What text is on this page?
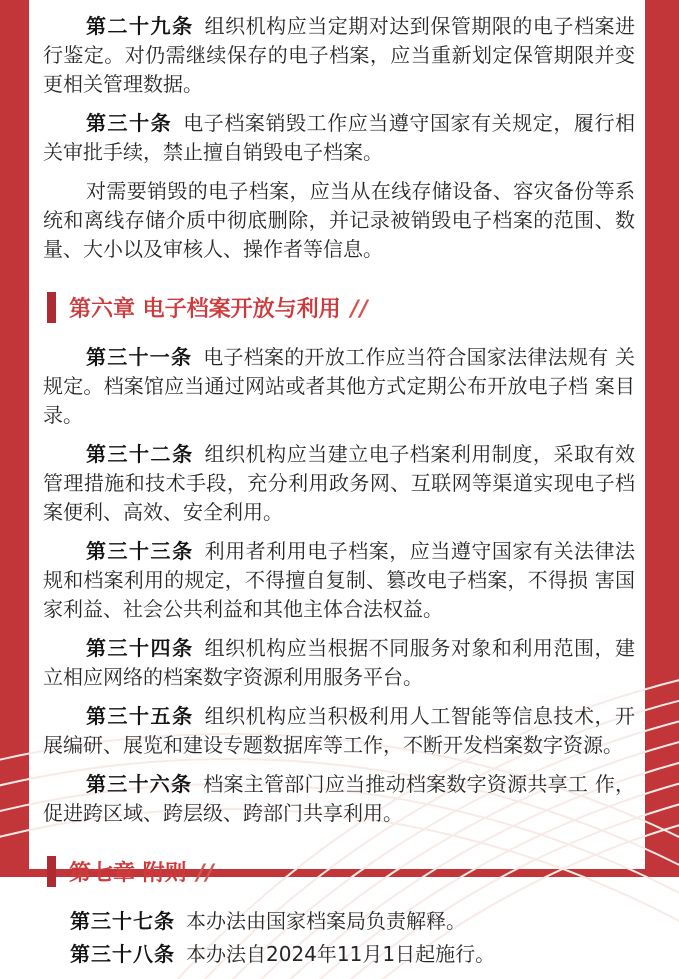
第二十九条 组织机构应当定期对达到保管期限的电子档案进行鉴定。对仍需继续保存的电子档案，应当重新划定保管期限并变更相关管理数据。

第三十条 电子档案销毁工作应当遵守国家有关规定，履行相关审批手续，禁止擅自销毁电子档案。

对需要销毁的电子档案，应当从在线存储设备、容灾备份等系统和离线存储介质中彻底删除，并记录被销毁电子档案的范围、数量、大小以及审核人、操作者等信息。

第六章 电子档案开放与利用 //

第三十一条 电子档案的开放工作应当符合国家法律法规有 关规定。档案馆应当通过网站或者其他方式定期公布开放电子档 案目录。

第三十二条 组织机构应当建立电子档案利用制度，采取有效管理措施和技术手段，充分利用政务网、互联网等渠道实现电子档案便利、高效、安全利用。

第三十三条 利用者利用电子档案，应当遵守国家有关法律法规和档案利用的规定，不得擅自复制、篡改电子档案，不得损 害国家利益、社会公共利益和其他主体合法权益。

第三十四条 组织机构应当根据不同服务对象和利用范围，建立相应网络的档案数字资源利用服务平台。

第三十五条 组织机构应当积极利用人工智能等信息技术，开展编研、展览和建设专题数据库等工作，不断开发档案数字资源。

第三十六条 档案主管部门应当推动档案数字资源共享工 作，促进跨区域、跨层级、跨部门共享利用。

第七章 附则 //

第三十七条 本办法由国家档案局负责解释。

第三十八条 本办法自2024年11月1日起施行。
